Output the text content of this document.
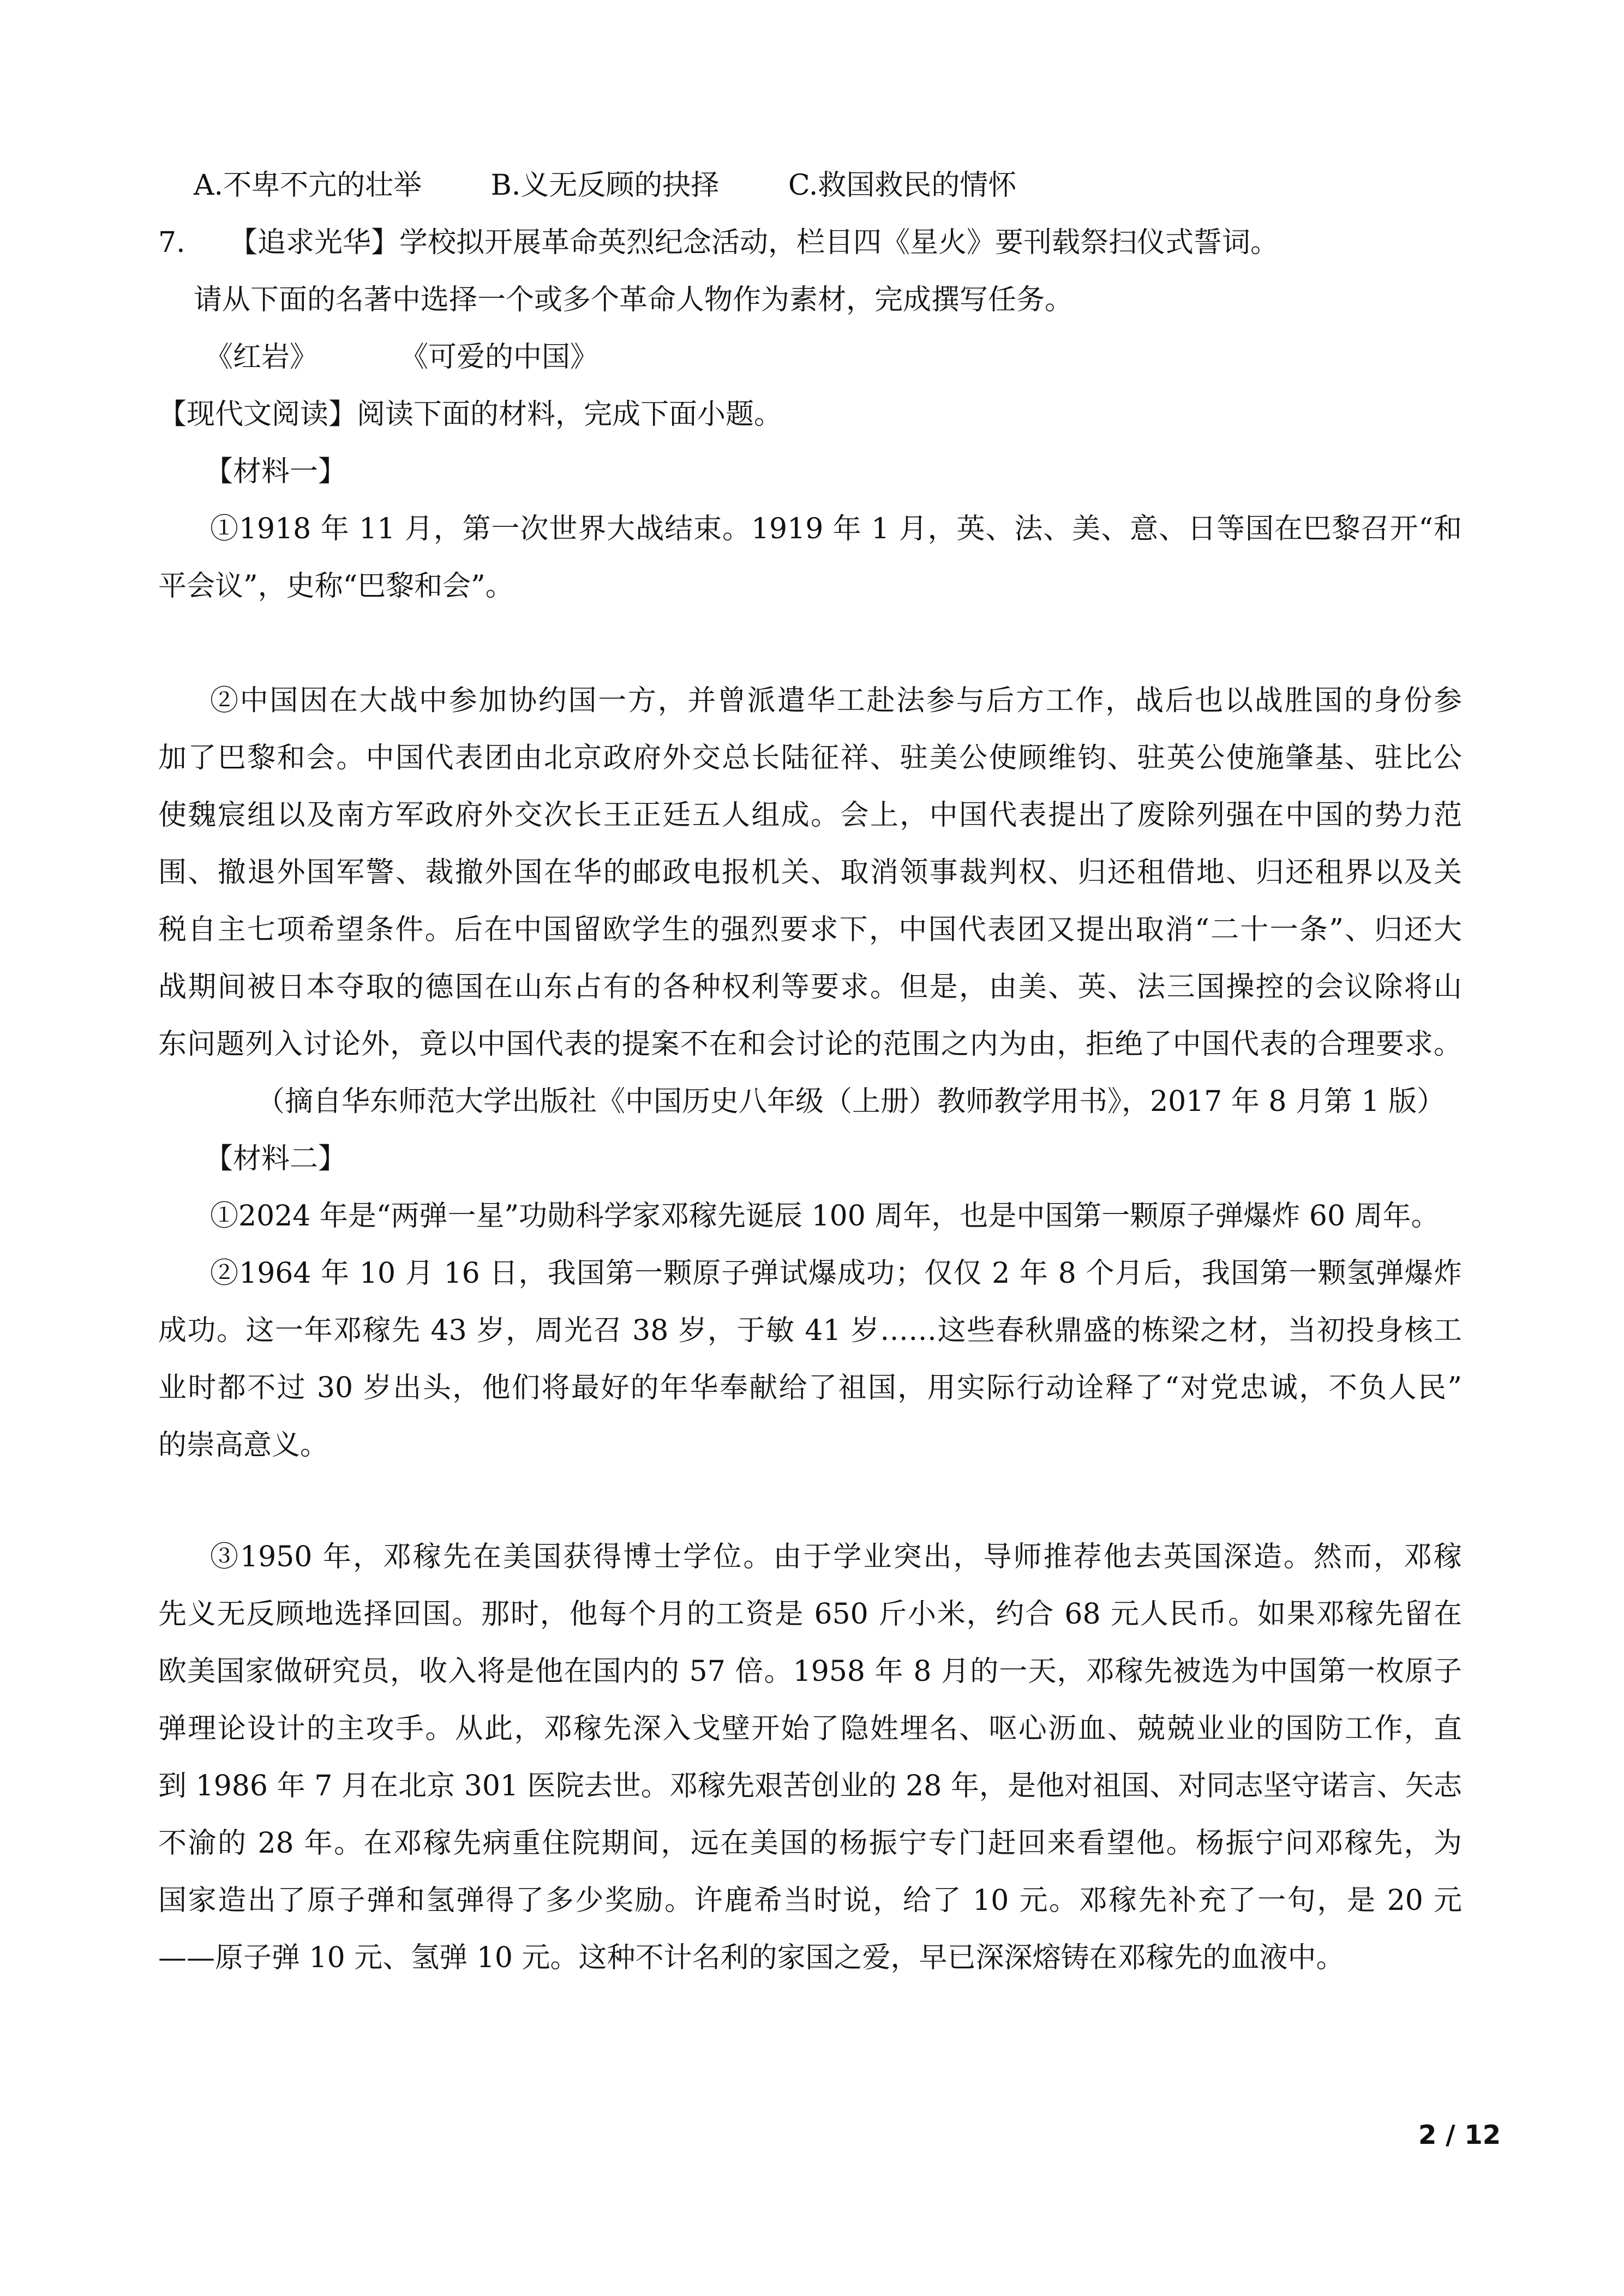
A.不卑不亢的壮举 B.义无反顾的抉择 C.救国救民的情怀
7. 【追求光华】学校拟开展革命英烈纪念活动，栏目四《星火》要刊载祭扫仪式誓词。
请从下面的名著中选择一个或多个革命人物作为素材，完成撰写任务。
《红岩》	《可爱的中国》
【现代文阅读】阅读下面的材料，完成下面小题。
【材料一】
①1918 年 11 月，第一次世界大战结束。1919 年 1 月，英、法、美、意、日等国在巴黎召开“和
平会议”，史称“巴黎和会”。
②中国因在大战中参加协约国一方，并曾派遣华工赴法参与后方工作，战后也以战胜国的身份参
加了巴黎和会。中国代表团由北京政府外交总长陆征祥、驻美公使顾维钧、驻英公使施肇基、驻比公
使魏宸组以及南方军政府外交次长王正廷五人组成。会上，中国代表提出了废除列强在中国的势力范
围、撤退外国军警、裁撤外国在华的邮政电报机关、取消领事裁判权、归还租借地、归还租界以及关
税自主七项希望条件。后在中国留欧学生的强烈要求下，中国代表团又提出取消“二十一条”、归还大
战期间被日本夺取的德国在山东占有的各种权利等要求。但是，由美、英、法三国操控的会议除将山
东问题列入讨论外，竟以中国代表的提案不在和会讨论的范围之内为由，拒绝了中国代表的合理要求。
（摘自华东师范大学出版社《中国历史八年级（上册）教师教学用书》，2017 年 8 月第 1 版）
【材料二】
①2024 年是“两弹一星”功勋科学家邓稼先诞辰 100 周年，也是中国第一颗原子弹爆炸 60 周年。
②1964 年 10 月 16 日，我国第一颗原子弹试爆成功；仅仅 2 年 8 个月后，我国第一颗氢弹爆炸
成功。这一年邓稼先 43 岁，周光召 38 岁，于敏 41 岁……这些春秋鼎盛的栋梁之材，当初投身核工
业时都不过 30 岁出头，他们将最好的年华奉献给了祖国，用实际行动诠释了“对党忠诚，不负人民”
的崇高意义。
③1950 年，邓稼先在美国获得博士学位。由于学业突出，导师推荐他去英国深造。然而，邓稼
先义无反顾地选择回国。那时，他每个月的工资是 650 斤小米，约合 68 元人民币。如果邓稼先留在
欧美国家做研究员，收入将是他在国内的 57 倍。1958 年 8 月的一天，邓稼先被选为中国第一枚原子
弹理论设计的主攻手。从此，邓稼先深入戈壁开始了隐姓埋名、呕心沥血、兢兢业业的国防工作，直
到 1986 年 7 月在北京 301 医院去世。邓稼先艰苦创业的 28 年，是他对祖国、对同志坚守诺言、矢志
不渝的 28 年。在邓稼先病重住院期间，远在美国的杨振宁专门赶回来看望他。杨振宁问邓稼先，为
国家造出了原子弹和氢弹得了多少奖励。许鹿希当时说，给了 10 元。邓稼先补充了一句，是 20 元
——原子弹 10 元、氢弹 10 元。这种不计名利的家国之爱，早已深深熔铸在邓稼先的血液中。
2 / 12
